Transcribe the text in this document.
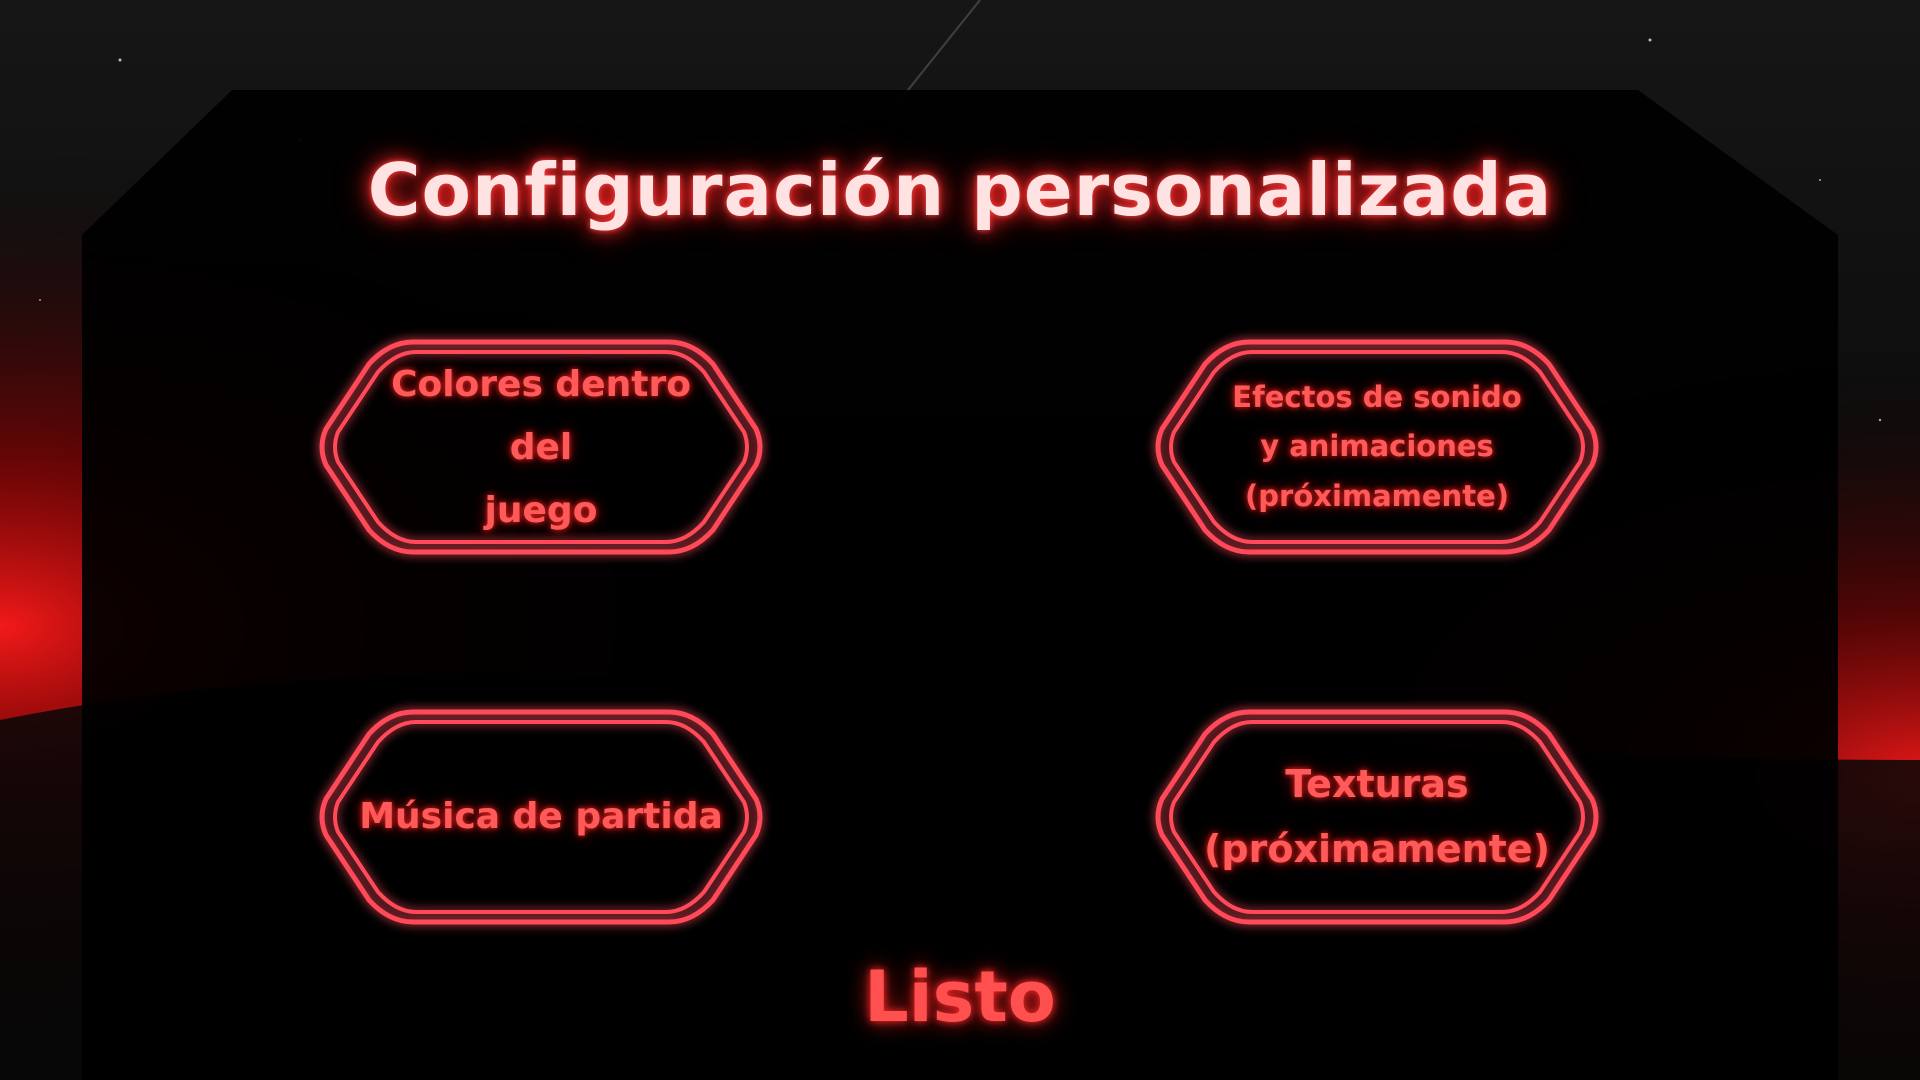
Configuración personalizada
Colores dentro del
juego
Efectos de sonido
y animaciones
(próximamente)
Música de partida
Texturas
(próximamente)
Listo
